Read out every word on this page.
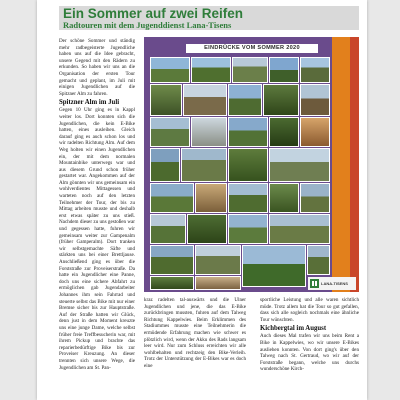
Ein Sommer auf zwei Reifen
Radtouren mit dem Jugenddienst Lana-Tisens

Der schöne Sommer und ständig mehr radbegeisterte Jugendliche haben uns auf die Idee gebracht, unsere Gegend mit den Rädern zu erkunden. So haben wir uns an die Organisation der ersten Tour gemacht und geplant, im Juli mit einigen Jugendlichen auf die Spitzner Alm zu fahren.

Spitzner Alm im Juli

Gegen 10 Uhr ging es in Kappl weiter los. Dort konnten sich die Jugendlichen, die kein E-Bike hatten, eines ausleihen. Gleich darauf ging es auch schon los und wir radelten Richtung Alm. Auf dem Weg holten wir einen Jugendlichen ein, der mit dem normalen Mountainbike unterwegs war und aus diesem Grund schon früher gestartet war. Angekommen auf der Alm gönnten wir uns gemeinsam ein wohlverdientes Mittagessen und warteten noch auf den letzten Teilnehmer der Tour, der bis zu Mittag arbeiten musste und deshalb erst etwas später zu uns stieß. Nachdem dieser zu uns gestoßen war und gegessen hatte, fuhren wir gemeinsam weiter zur Gampenalm (früher Gamperalm). Dort tranken wir selbstgemachte Säfte und stärkten uns bei einer Brettljause. Anschließend ging es über die Forststraße zur Proveiserstraße. Da hatte ein Jugendlicher eine Panne, doch uns eine sichere Abfahrt zu ermöglichen gab Jugendarbeiter Johannes ihm sein Fahrrad und steuerte selbst das Bike mit nur einer Bremse sicher bis zur Hauptstraße. Auf der Straße hatten wir Glück, denn just in dem Moment kreuzte uns eine junge Dame, welche selbst früher freie Treffbesucherin war, mit ihrem Pickup und brachte das reparierbedürftige Bike bis zur Proveiser Kreuzung. An dieser trennten sich unsere Wege, die Jugendlichen am St. Pan-

EINDRÜCKE VOM SOMMER 2020
LANA-TISENS

kraz radelten tal-auswärts und die Ulner Jugendlichen und jene, die das E-Bike zurückbringen mussten, fuhren auf dem Talweg Richtung Kappelwies. Beim Erklimmen des Stadiummes musste eine Teilnehmerin die ermüdende Erfahrung machen wie schwer es plötzlich wird, wenn der Akku des Rads langsam leer wird. Nur zum Schluss erreichten wir alle wohlbehalten und rechtzeig den Bike-Verleih. Trotz der Unterstützung der E-Bikes war es doch eine

sportliche Leistung und alle waren sichtlich müde. Trotz allem hat die Tour so gut gefallen, dass sich alle sogleich nochmals eine ähnliche Tour wünschten.

Kichbergtal im August

Auch dieses Mal trafen wir uns beim Rent a Bike in Kappelwies, wo wir unsere E-Bikes ausliehen konnten. Von dort ging's über den Talweg nach St. Gertraud, wo wir auf der Forststraße begann, welche uns durchs wunderschöne Kirch-
